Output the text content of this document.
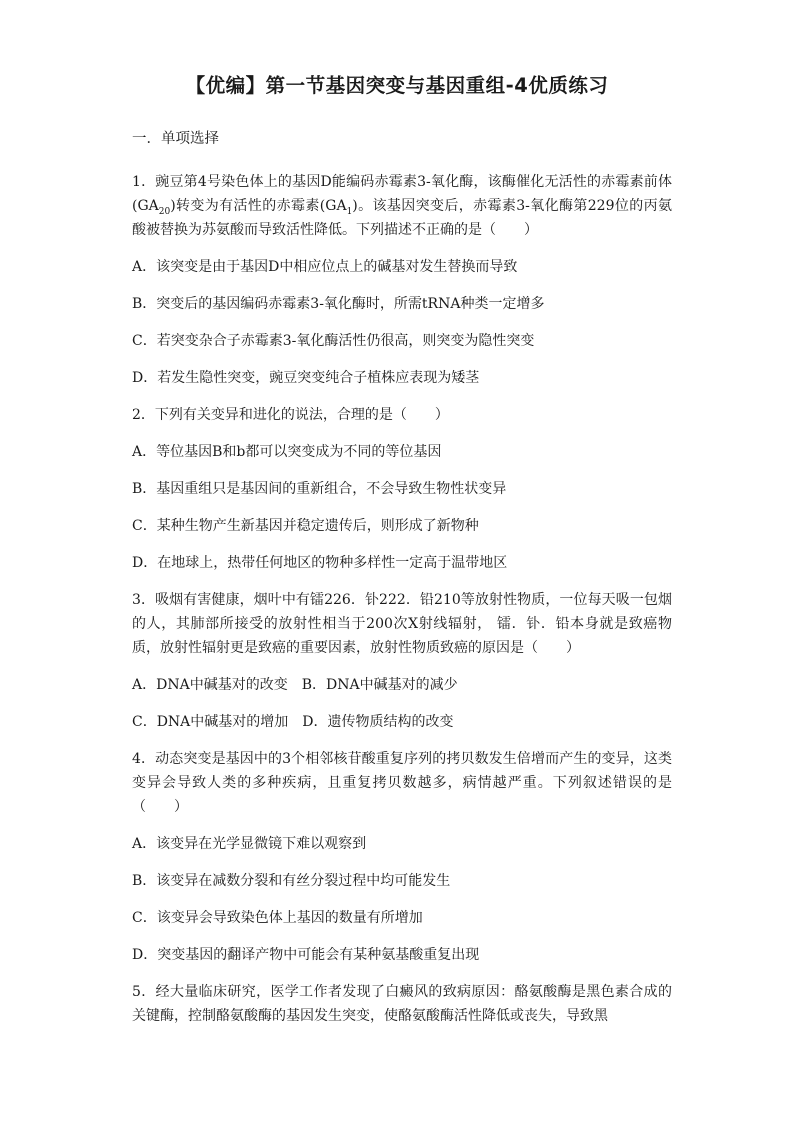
【优编】第一节基因突变与基因重组-4优质练习
一．单项选择
1．豌豆第4号染色体上的基因D能编码赤霉素3-氧化酶，该酶催化无活性的赤霉素前体$(GA_{20})$转变为有活性的赤霉素$(GA_1)$。该基因突变后，赤霉素3-氧化酶第229位的丙氨酸被替换为苏氨酸而导致活性降低。下列描述不正确的是（　　）
A．该突变是由于基因D中相应位点上的碱基对发生替换而导致
B．突变后的基因编码赤霉素3-氧化酶时，所需tRNA种类一定增多
C．若突变杂合子赤霉素3-氧化酶活性仍很高，则突变为隐性突变
D．若发生隐性突变，豌豆突变纯合子植株应表现为矮茎
2．下列有关变异和进化的说法，合理的是（　　）
A．等位基因B和b都可以突变成为不同的等位基因
B．基因重组只是基因间的重新组合，不会导致生物性状变异
C．某种生物产生新基因并稳定遗传后，则形成了新物种
D．在地球上，热带任何地区的物种多样性一定高于温带地区
3．吸烟有害健康，烟叶中有镭226．钋222．铅210等放射性物质，一位每天吸一包烟的人，其肺部所接受的放射性相当于200次X射线辐射， 镭．钋．铅本身就是致癌物质，放射性辐射更是致癌的重要因素，放射性物质致癌的原因是（　　）
A．DNA中碱基对的改变 B．DNA中碱基对的减少
C．DNA中碱基对的增加 D．遗传物质结构的改变
4．动态突变是基因中的3个相邻核苷酸重复序列的拷贝数发生倍增而产生的变异，这类变异会导致人类的多种疾病，且重复拷贝数越多，病情越严重。下列叙述错误的是（　　）
A．该变异在光学显微镜下难以观察到
B．该变异在减数分裂和有丝分裂过程中均可能发生
C．该变异会导致染色体上基因的数量有所增加
D．突变基因的翻译产物中可能会有某种氨基酸重复出现
5．经大量临床研究，医学工作者发现了白癜风的致病原因：酪氨酸酶是黑色素合成的关键酶，控制酪氨酸酶的基因发生突变，使酪氨酸酶活性降低或丧失，导致黑
